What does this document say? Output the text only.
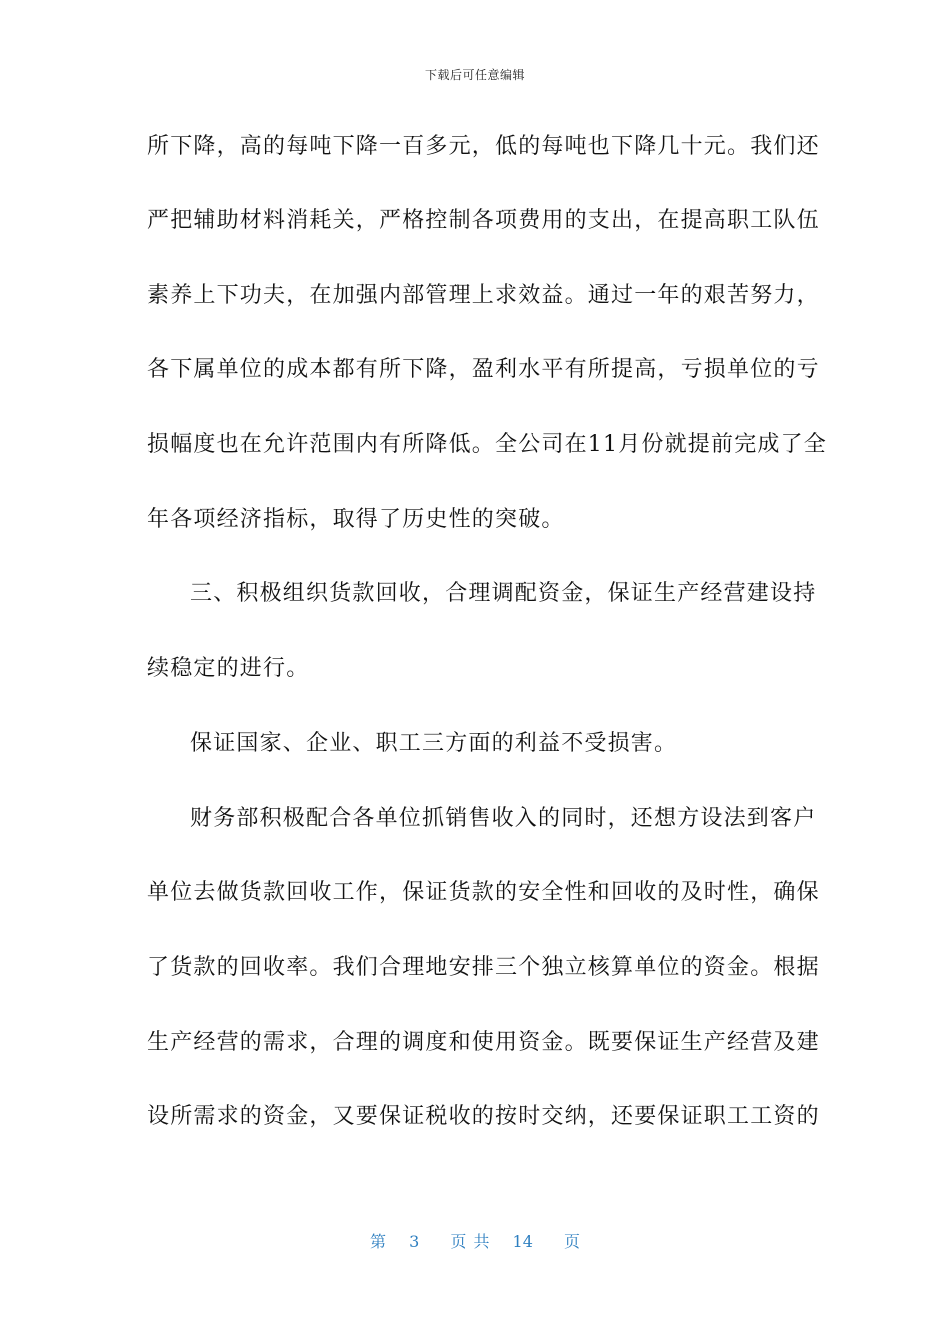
下载后可任意编辑
所下降，高的每吨下降一百多元，低的每吨也下降几十元。我们还
严把辅助材料消耗关，严格控制各项费用的支出，在提高职工队伍
素养上下功夫，在加强内部管理上求效益。通过一年的艰苦努力，
各下属单位的成本都有所下降，盈利水平有所提高，亏损单位的亏
损幅度也在允许范围内有所降低。全公司在11月份就提前完成了全
年各项经济指标，取得了历史性的突破。
三、积极组织货款回收，合理调配资金，保证生产经营建设持
续稳定的进行。
保证国家、企业、职工三方面的利益不受损害。
财务部积极配合各单位抓销售收入的同时，还想方设法到客户
单位去做货款回收工作，保证货款的安全性和回收的及时性，确保
了货款的回收率。我们合理地安排三个独立核算单位的资金。根据
生产经营的需求，合理的调度和使用资金。既要保证生产经营及建
设所需求的资金，又要保证税收的按时交纳，还要保证职工工资的
第 3 页 共 14 页
